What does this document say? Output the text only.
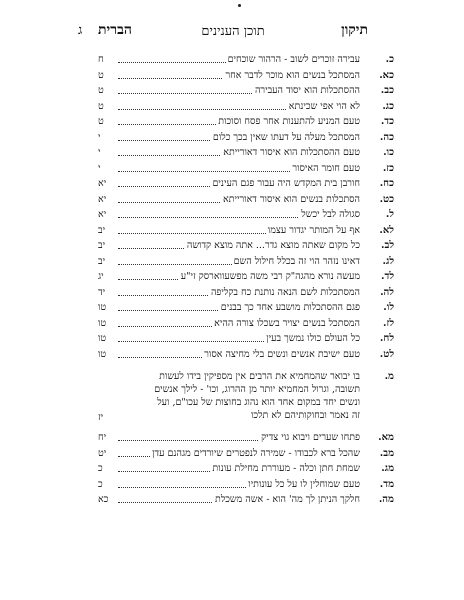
תיקון
תוכן הענינים
הברית
ג
כ.
עבירה זוכרים לשוב - הרהור שוכחים
ח
כא.
המסתכל בנשים הוא מוכר לדבר אחר
ט
כב.
ההסתכלות הוא יסוד העבירה
ט
כג.
לא הוי אפי שכינתא
ט
כד.
טעם המניע להתענות אחר פסח וסוכות
ט
כה.
המסתכל מעלה על דעתו שאין בכך כלום
י
כו.
טעם ההסתכלות הוא איסור דאורייתא
י
כז.
טעם חומר האיסור
י
כח.
חורבן בית המקדש היה עבור פגם העינים
יא
כט.
הסתכלות בנשים הוא איסור דאורייתא
יא
ל.
סגולה לבל יכשל
יא
לא.
אף על המותר יגדור עצמו
יב
לב.
כל מקום שאתה מוצא גדר... אתה מוצא קדושה
יב
לג.
דאינו נזהר הוי זה בכלל חילול השם
יב
לד.
מעשה נורא מהגה"ק רבי משה מפשעווארסק זי"ע
יג
לה.
המסתכלות לשם הנאה נותנת כח בקליפה
יד
לו.
פגם ההסתכלות מושבע אחד כך בבנים
טו
לז.
המסתכל בנשים יצויר בשכלו צורה ההיא
טו
לח.
כל העולם כולו נמשך בעין
טו
לט.
טעם ישיבת אנשים ונשים בלי מחיצה אסור
טו
מ.
בו יבואר שהמחמיא את הרבים אין מספיקין בידו לעשות
תשובה, וגרול המחמיא יותר מן ההרוג, וכו' - לילך אנשים
ונשים יחד במקום אחד הוא נהוג בחוצות של עכו"ם, ועל
זה נאמר ובחוקותיהם לא תלכו
יז
מא.
פתחו שערים ויבוא גוי צדיק
יח
מב.
שהכל ברא לכבודו - שמירה לנפטרים שיורדים מגהנם עדן
יט
מג.
שמחת חתן וכלה - מעוררת מחילת עונות
כ
מד.
טעם שמוחלין לו על כל עונותיו
כ
מה.
חלקך הניתן לך מה' הוא - אשה משכלת
כא
